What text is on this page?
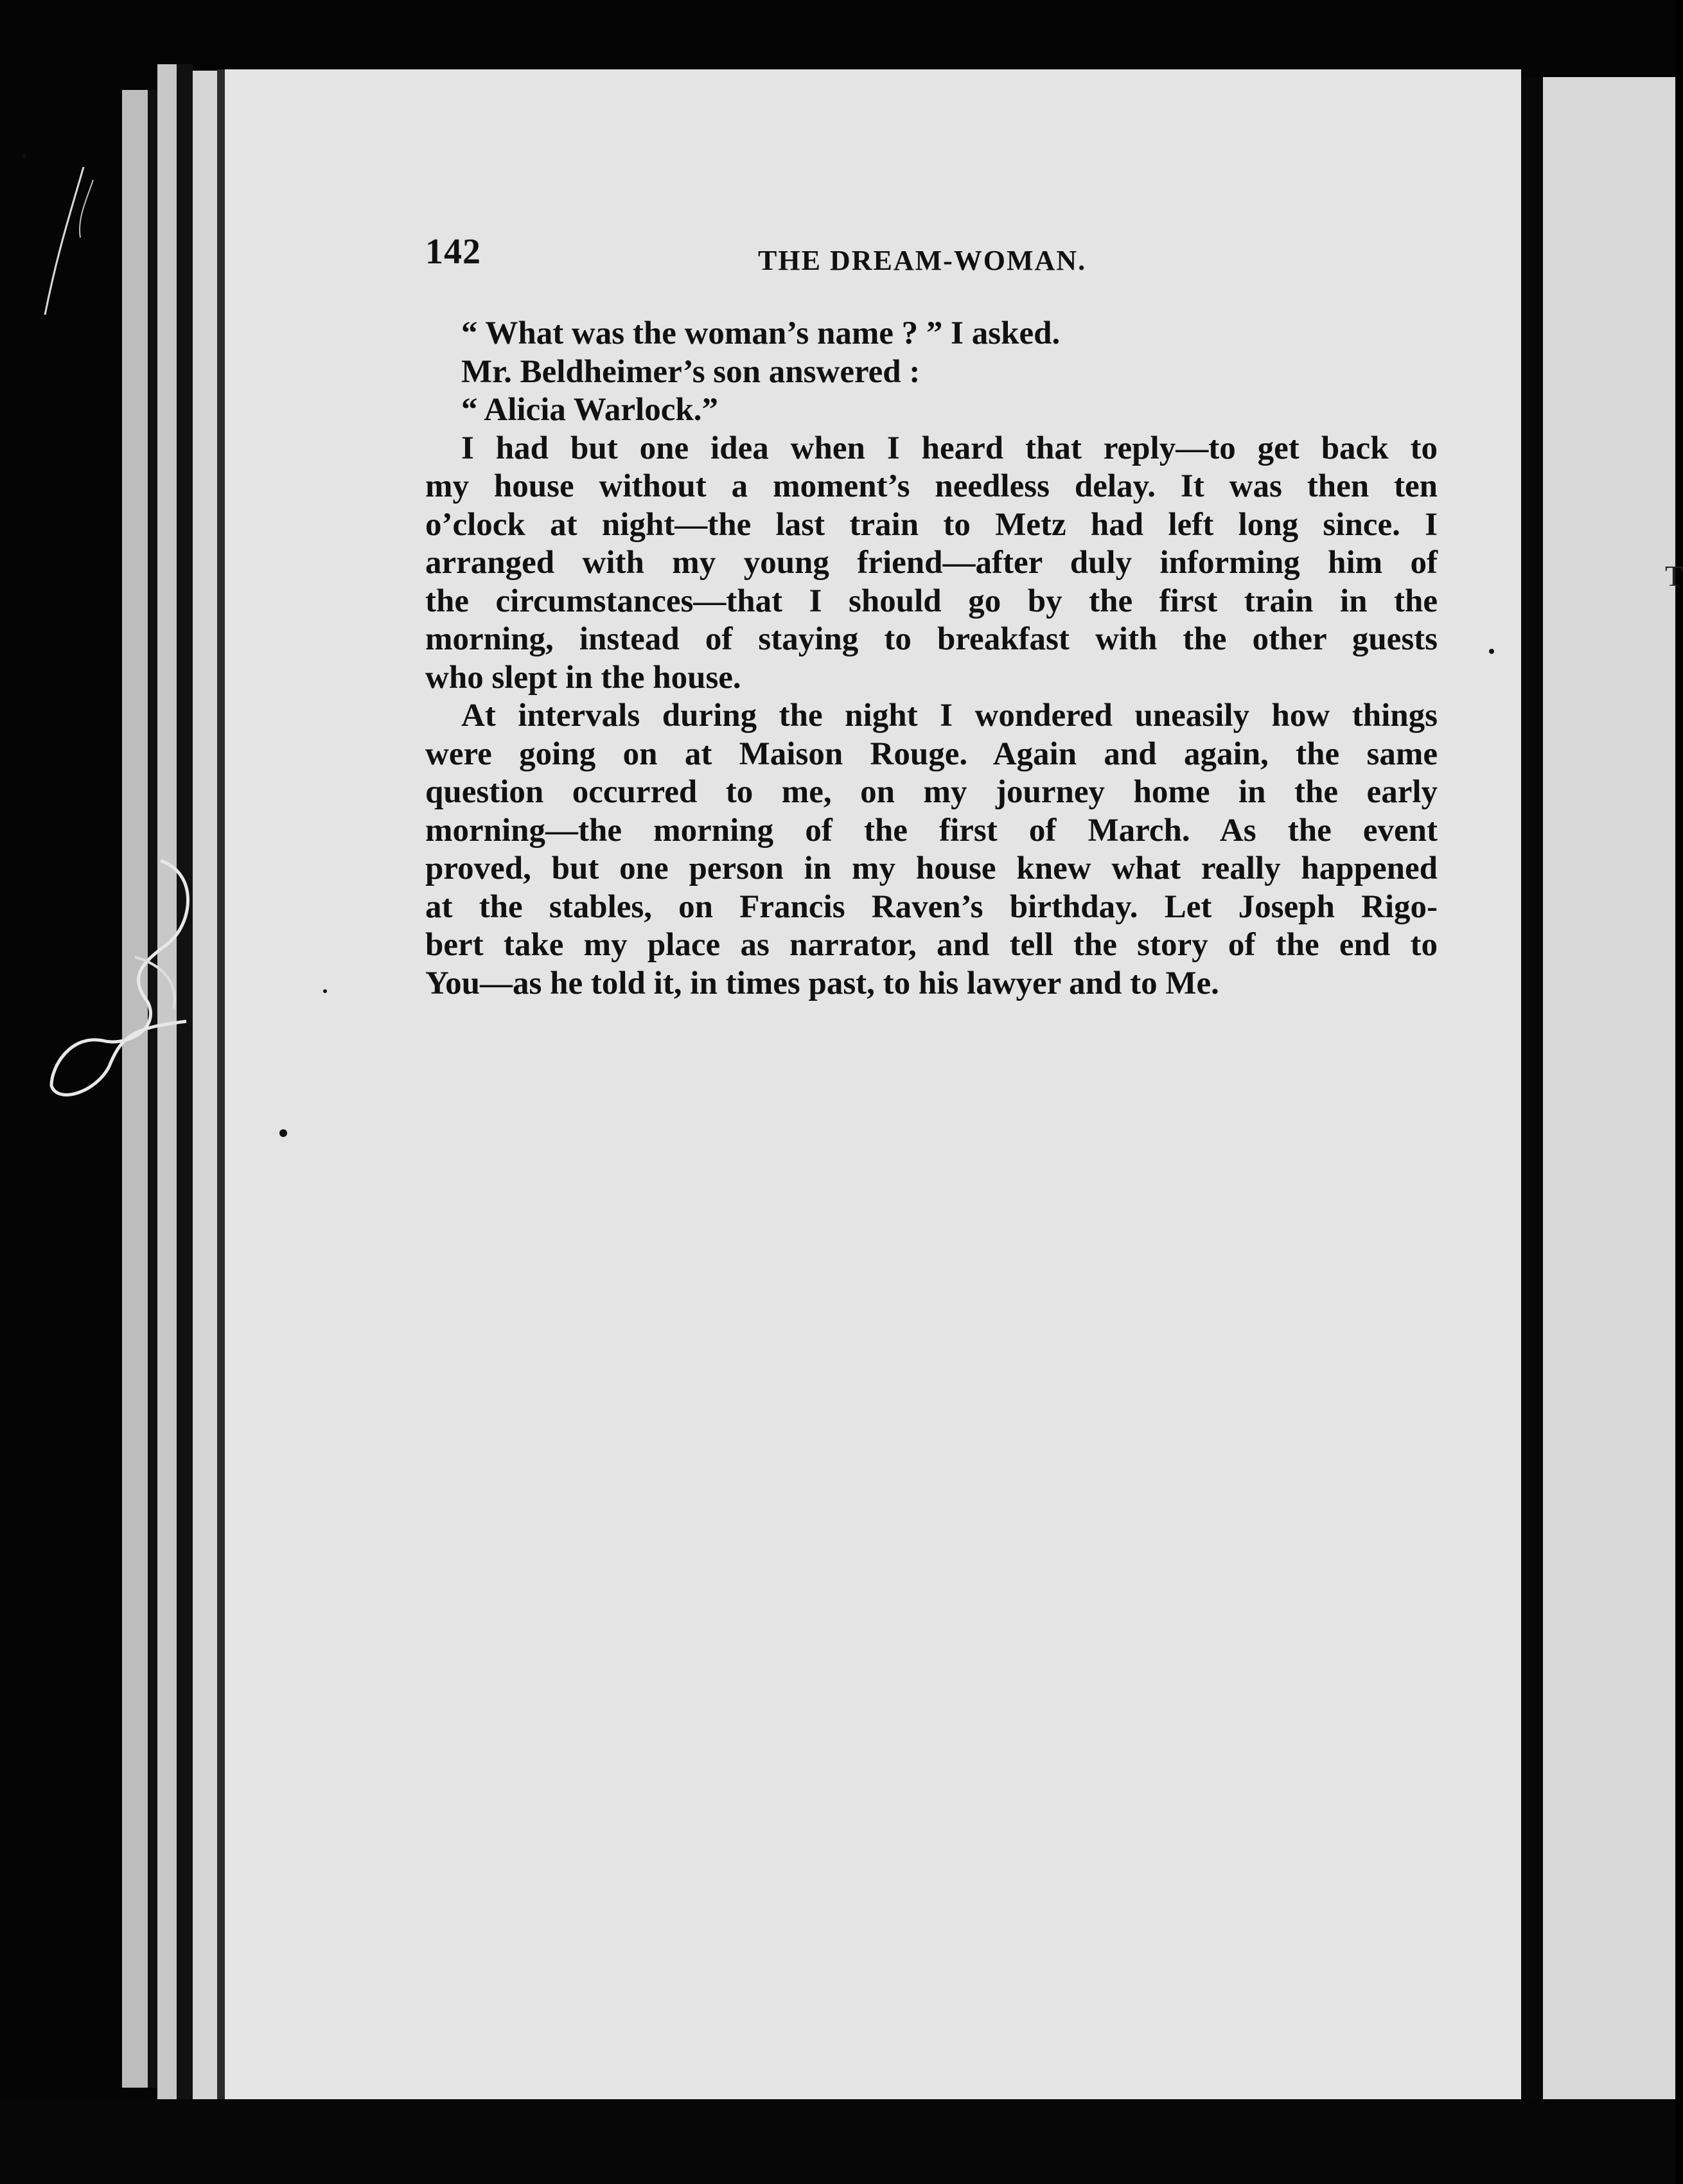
142	THE DREAM-WOMAN.
“ What was the woman’s name ? ” I asked.
Mr. Beldheimer’s son answered :
“ Alicia Warlock.”
I had but one idea when I heard that reply—to get back to
my house without a moment’s needless delay. It was then ten
o’clock at night—the last train to Metz had left long since. I
arranged with my young friend—after duly informing him of
the circumstances—that I should go by the first train in the
morning, instead of staying to breakfast with the other guests
who slept in the house.
At intervals during the night I wondered uneasily how things
were going on at Maison Rouge. Again and again, the same
question occurred to me, on my journey home in the early
morning—the morning of the first of March. As the event
proved, but one person in my house knew what really happened
at the stables, on Francis Raven’s birthday. Let Joseph Rigo-
bert take my place as narrator, and tell the story of the end to
You—as he told it, in times past, to his lawyer and to Me.
T
